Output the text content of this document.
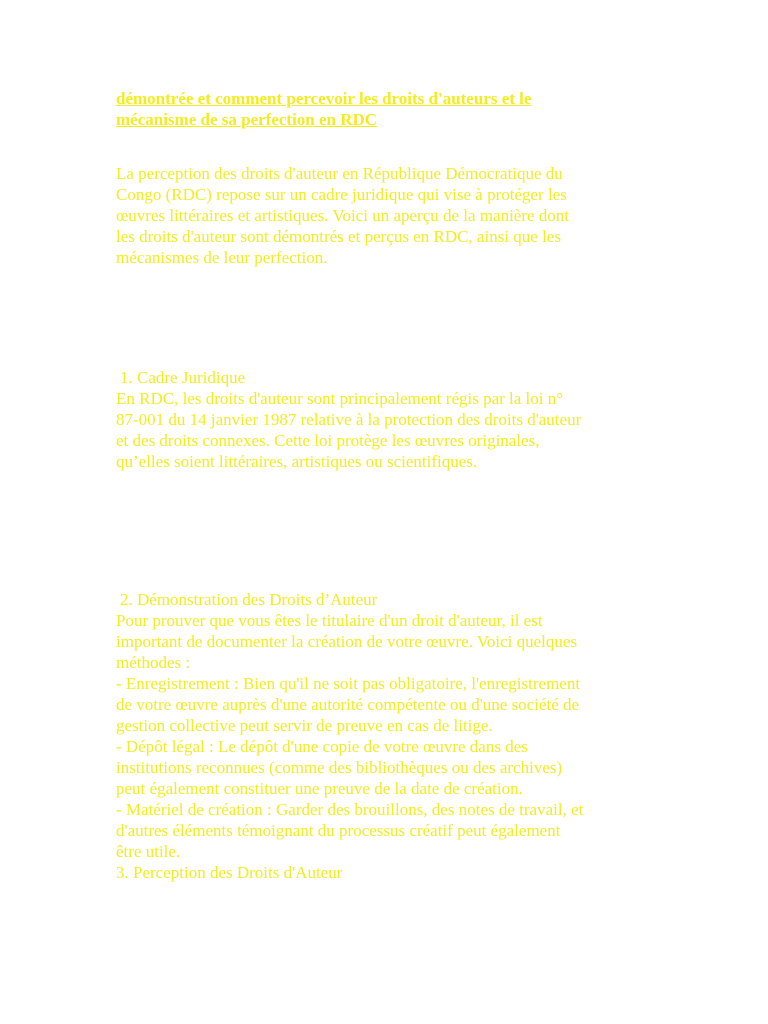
démontrée et comment percevoir les droits d'auteurs et le
mécanisme de sa perfection en RDC

La perception des droits d'auteur en République Démocratique du
Congo (RDC) repose sur un cadre juridique qui vise à protéger les
œuvres littéraires et artistiques. Voici un aperçu de la manière dont
les droits d'auteur sont démontrés et perçus en RDC, ainsi que les
mécanismes de leur perfection.

1. Cadre Juridique
En RDC, les droits d'auteur sont principalement régis par la loi n°
87-001 du 14 janvier 1987 relative à la protection des droits d'auteur
et des droits connexes. Cette loi protège les œuvres originales,
qu’elles soient littéraires, artistiques ou scientifiques.

2. Démonstration des Droits d’Auteur
Pour prouver que vous êtes le titulaire d'un droit d'auteur, il est
important de documenter la création de votre œuvre. Voici quelques
méthodes :
- Enregistrement : Bien qu'il ne soit pas obligatoire, l'enregistrement
de votre œuvre auprès d'une autorité compétente ou d'une société de
gestion collective peut servir de preuve en cas de litige.
- Dépôt légal : Le dépôt d'une copie de votre œuvre dans des
institutions reconnues (comme des bibliothèques ou des archives)
peut également constituer une preuve de la date de création.
- Matériel de création : Garder des brouillons, des notes de travail, et
d'autres éléments témoignant du processus créatif peut également
être utile.
3. Perception des Droits d'Auteur
